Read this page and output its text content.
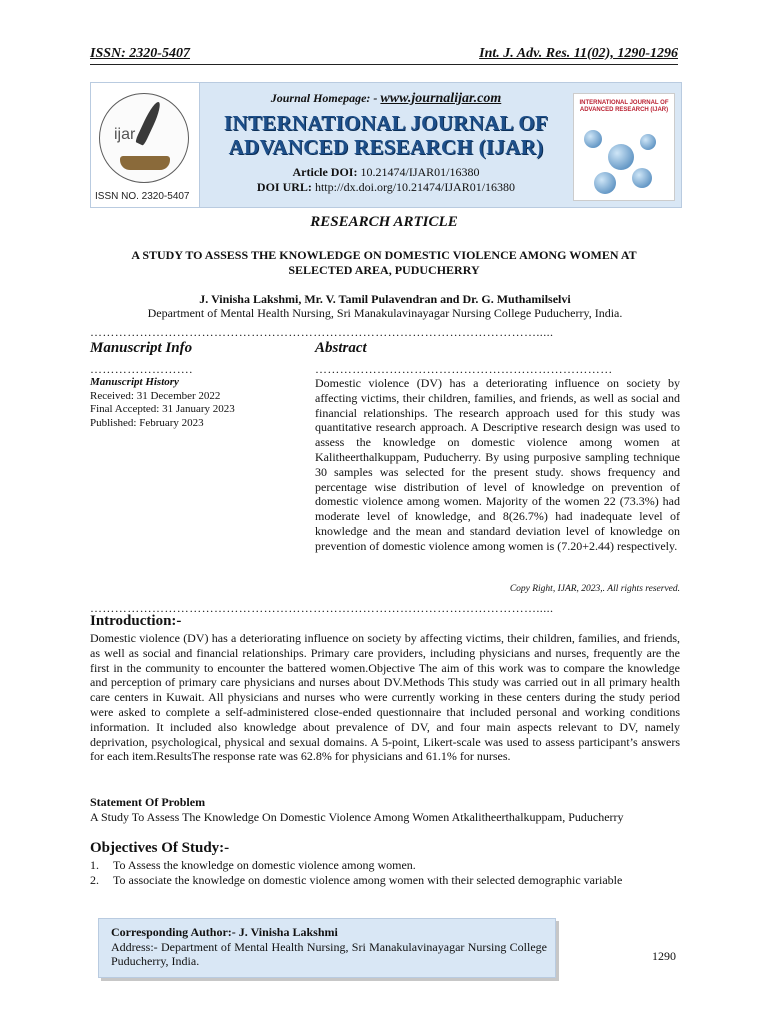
ISSN: 2320-5407	Int. J. Adv. Res. 11(02), 1290-1296
ijar
ISSN NO. 2320-5407
Journal Homepage: - www.journalijar.com
INTERNATIONAL JOURNAL OF
ADVANCED RESEARCH (IJAR)
Article DOI: 10.21474/IJAR01/16380
DOI URL: http://dx.doi.org/10.21474/IJAR01/16380
INTERNATIONAL JOURNAL OF ADVANCED RESEARCH (IJAR)
RESEARCH ARTICLE
A STUDY TO ASSESS THE KNOWLEDGE ON DOMESTIC VIOLENCE AMONG WOMEN AT SELECTED AREA, PUDUCHERRY
J. Vinisha Lakshmi, Mr. V. Tamil Pulavendran and Dr. G. Muthamilselvi
Department of Mental Health Nursing, Sri Manakulavinayagar Nursing College Puducherry, India.
……………………………………………………………………………………………….....
Manuscript Info	Abstract
…………………….	………………………………………………………………
Manuscript History
Received: 31 December 2022
Final Accepted: 31 January 2023
Published: February 2023
Domestic violence (DV) has a deteriorating influence on society by affecting victims, their children, families, and friends, as well as social and financial relationships. The research approach used for this study was quantitative research approach. A Descriptive research design was used to assess the knowledge on domestic violence among women at Kalitheerthalkuppam, Puducherry. By using purposive sampling technique 30 samples was selected for the present study. shows frequency and percentage wise distribution of level of knowledge on prevention of domestic violence among women. Majority of the women 22 (73.3%) had moderate level of knowledge, and 8(26.7%) had inadequate level of knowledge and the mean and standard deviation level of knowledge on prevention of domestic violence among women is (7.20+2.44) respectively.
Copy Right, IJAR, 2023,. All rights reserved.
……………………………………………………………………………………………….....
Introduction:-
Domestic violence (DV) has a deteriorating influence on society by affecting victims, their children, families, and friends, as well as social and financial relationships. Primary care providers, including physicians and nurses, frequently are the first in the community to encounter the battered women.Objective The aim of this work was to compare the knowledge and perception of primary care physicians and nurses about DV.Methods This study was carried out in all primary health care centers in Kuwait. All physicians and nurses who were currently working in these centers during the study period were asked to complete a self-administered close-ended questionnaire that included personal and working conditions information. It included also knowledge about prevalence of DV, and four main aspects relevant to DV, namely deprivation, psychological, physical and sexual domains. A 5-point, Likert-scale was used to assess participant’s answers for each item.ResultsThe response rate was 62.8% for physicians and 61.1% for nurses.
Statement Of Problem
A Study To Assess The Knowledge On Domestic Violence Among Women Atkalitheerthalkuppam, Puducherry
Objectives Of Study:-
1.	To Assess the knowledge on domestic violence among women.
2.	To associate the knowledge on domestic violence among women with their selected demographic variable
Corresponding Author:- J. Vinisha Lakshmi
Address:- Department of Mental Health Nursing, Sri Manakulavinayagar Nursing College Puducherry, India.	1290
